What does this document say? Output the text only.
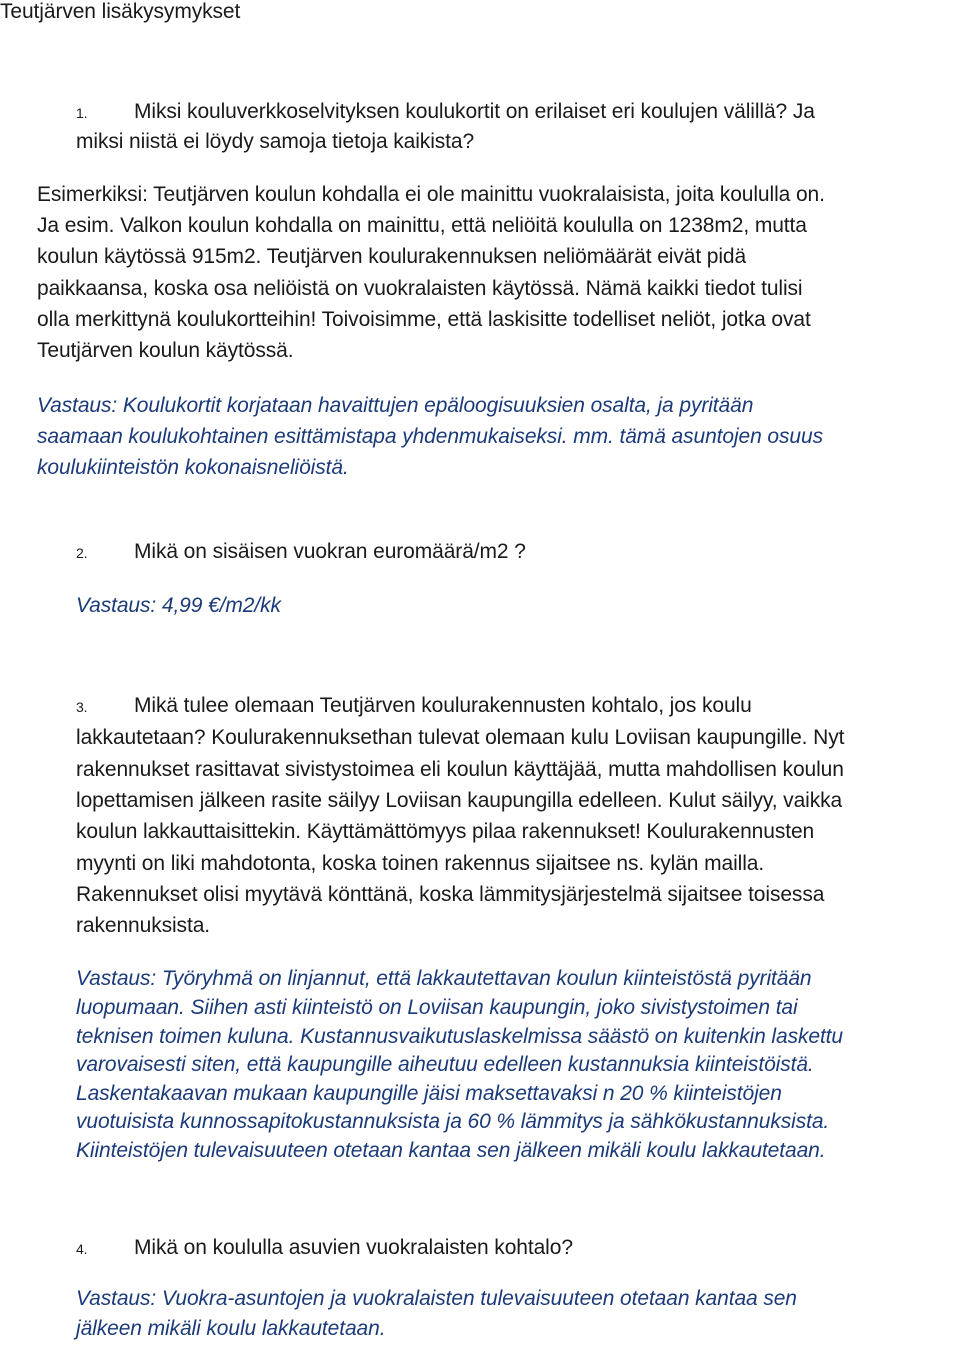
Teutjärven lisäkysymykset
1. Miksi kouluverkkoselvityksen koulukortit on erilaiset eri koulujen välillä? Ja
miksi niistä ei löydy samoja tietoja kaikista?
Esimerkiksi: Teutjärven koulun kohdalla ei ole mainittu vuokralaisista, joita koululla on.
Ja esim. Valkon koulun kohdalla on mainittu, että neliöitä koululla on 1238m2, mutta
koulun käytössä 915m2. Teutjärven koulurakennuksen neliömäärät eivät pidä
paikkaansa, koska osa neliöistä on vuokralaisten käytössä. Nämä kaikki tiedot tulisi
olla merkittynä koulukortteihin! Toivoisimme, että laskisitte todelliset neliöt, jotka ovat
Teutjärven koulun käytössä.
Vastaus: Koulukortit korjataan havaittujen epäloogisuuksien osalta, ja pyritään
saamaan koulukohtainen esittämistapa yhdenmukaiseksi. mm. tämä asuntojen osuus
koulukiinteistön kokonaisneliöistä.
2. Mikä on sisäisen vuokran euromäärä/m2 ?
Vastaus: 4,99 €/m2/kk
3. Mikä tulee olemaan Teutjärven koulurakennusten kohtalo, jos koulu
lakkautetaan? Koulurakennuksethan tulevat olemaan kulu Loviisan kaupungille. Nyt
rakennukset rasittavat sivistystoimea eli koulun käyttäjää, mutta mahdollisen koulun
lopettamisen jälkeen rasite säilyy Loviisan kaupungilla edelleen. Kulut säilyy, vaikka
koulun lakkauttaisittekin. Käyttämättömyys pilaa rakennukset! Koulurakennusten
myynti on liki mahdotonta, koska toinen rakennus sijaitsee ns. kylän mailla.
Rakennukset olisi myytävä könttänä, koska lämmitysjärjestelmä sijaitsee toisessa
rakennuksista.
Vastaus: Työryhmä on linjannut, että lakkautettavan koulun kiinteistöstä pyritään
luopumaan. Siihen asti kiinteistö on Loviisan kaupungin, joko sivistystoimen tai
teknisen toimen kuluna. Kustannusvaikutuslaskelmissa säästö on kuitenkin laskettu
varovaisesti siten, että kaupungille aiheutuu edelleen kustannuksia kiinteistöistä.
Laskentakaavan mukaan kaupungille jäisi maksettavaksi n 20 % kiinteistöjen
vuotuisista kunnossapitokustannuksista ja 60 % lämmitys ja sähkökustannuksista.
Kiinteistöjen tulevaisuuteen otetaan kantaa sen jälkeen mikäli koulu lakkautetaan.
4. Mikä on koululla asuvien vuokralaisten kohtalo?
Vastaus: Vuokra-asuntojen ja vuokralaisten tulevaisuuteen otetaan kantaa sen
jälkeen mikäli koulu lakkautetaan.
